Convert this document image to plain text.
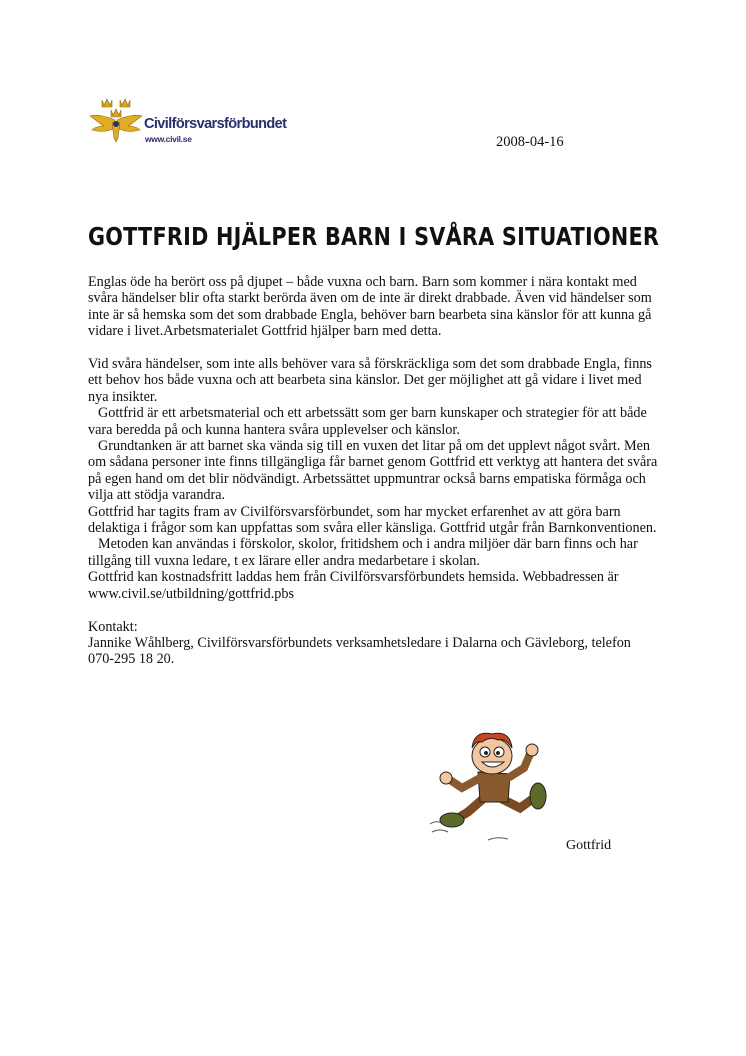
Civilförsvarsförbundet
www.civil.se	2008-04-16
GOTTFRID HJÄLPER BARN I SVÅRA SITUATIONER

Englas öde ha berört oss på djupet – både vuxna och barn. Barn som kommer i nära kontakt med svåra händelser blir ofta starkt berörda även om de inte är direkt drabbade. Även vid händelser som inte är så hemska som det som drabbade Engla, behöver barn bearbeta sina känslor för att kunna gå vidare i livet.Arbetsmaterialet Gottfrid hjälper barn med detta.

Vid svåra händelser, som inte alls behöver vara så förskräckliga som det som drabbade Engla, finns ett behov hos både vuxna och att bearbeta sina känslor. Det ger möjlighet att gå vidare i livet med nya insikter.

Gottfrid är ett arbetsmaterial och ett arbetssätt som ger barn kunskaper och strategier för att både vara beredda på och kunna hantera svåra upplevelser och känslor.

Grundtanken är att barnet ska vända sig till en vuxen det litar på om det upplevt något svårt. Men om sådana personer inte finns tillgängliga får barnet genom Gottfrid ett verktyg att hantera det svåra på egen hand om det blir nödvändigt. Arbetssättet uppmuntrar också barns empatiska förmåga och vilja att stödja varandra.

Gottfrid har tagits fram av Civilförsvarsförbundet, som har mycket erfarenhet av att göra barn delaktiga i frågor som kan uppfattas som svåra eller känsliga. Gottfrid utgår från Barnkonventionen.

Metoden kan användas i förskolor, skolor, fritidshem och i andra miljöer där barn finns och har tillgång till vuxna ledare, t ex lärare eller andra medarbetare i skolan.

Gottfrid kan kostnadsfritt laddas hem från Civilförsvarsförbundets hemsida. Webbadressen är www.civil.se/utbildning/gottfrid.pbs

Kontakt:

Jannike Wåhlberg, Civilförsvarsförbundets verksamhetsledare i Dalarna och Gävleborg, telefon 070-295 18 20.

Gottfrid
